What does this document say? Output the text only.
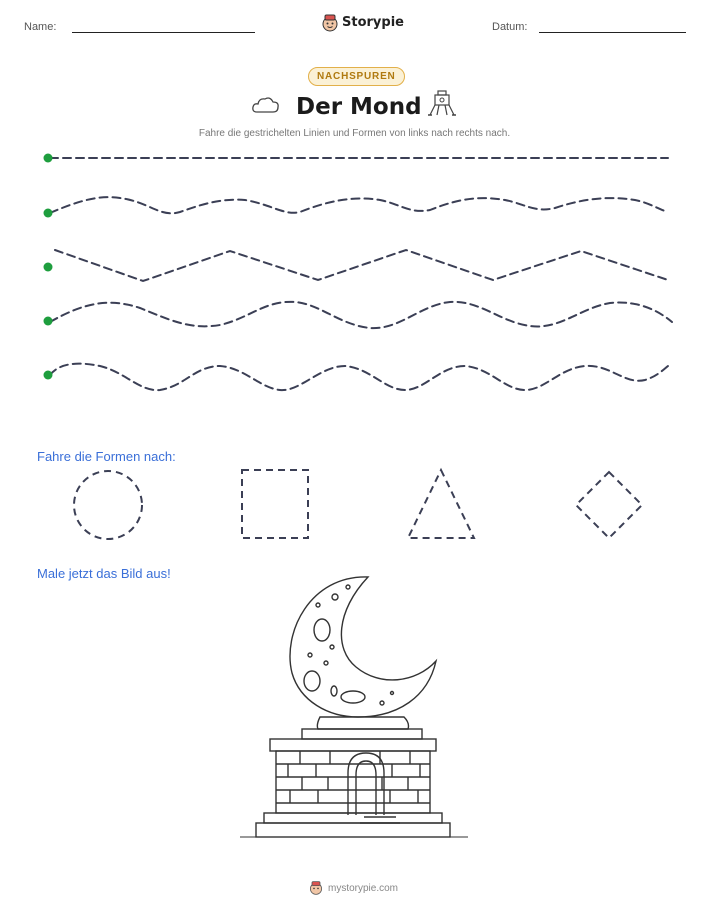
Name:	Storypie	Datum:
NACHSPUREN
Der Mond
Fahre die gestrichelten Linien und Formen von links nach rechts nach.
Fahre die Formen nach:
Male jetzt das Bild aus!
mystorypie.com
